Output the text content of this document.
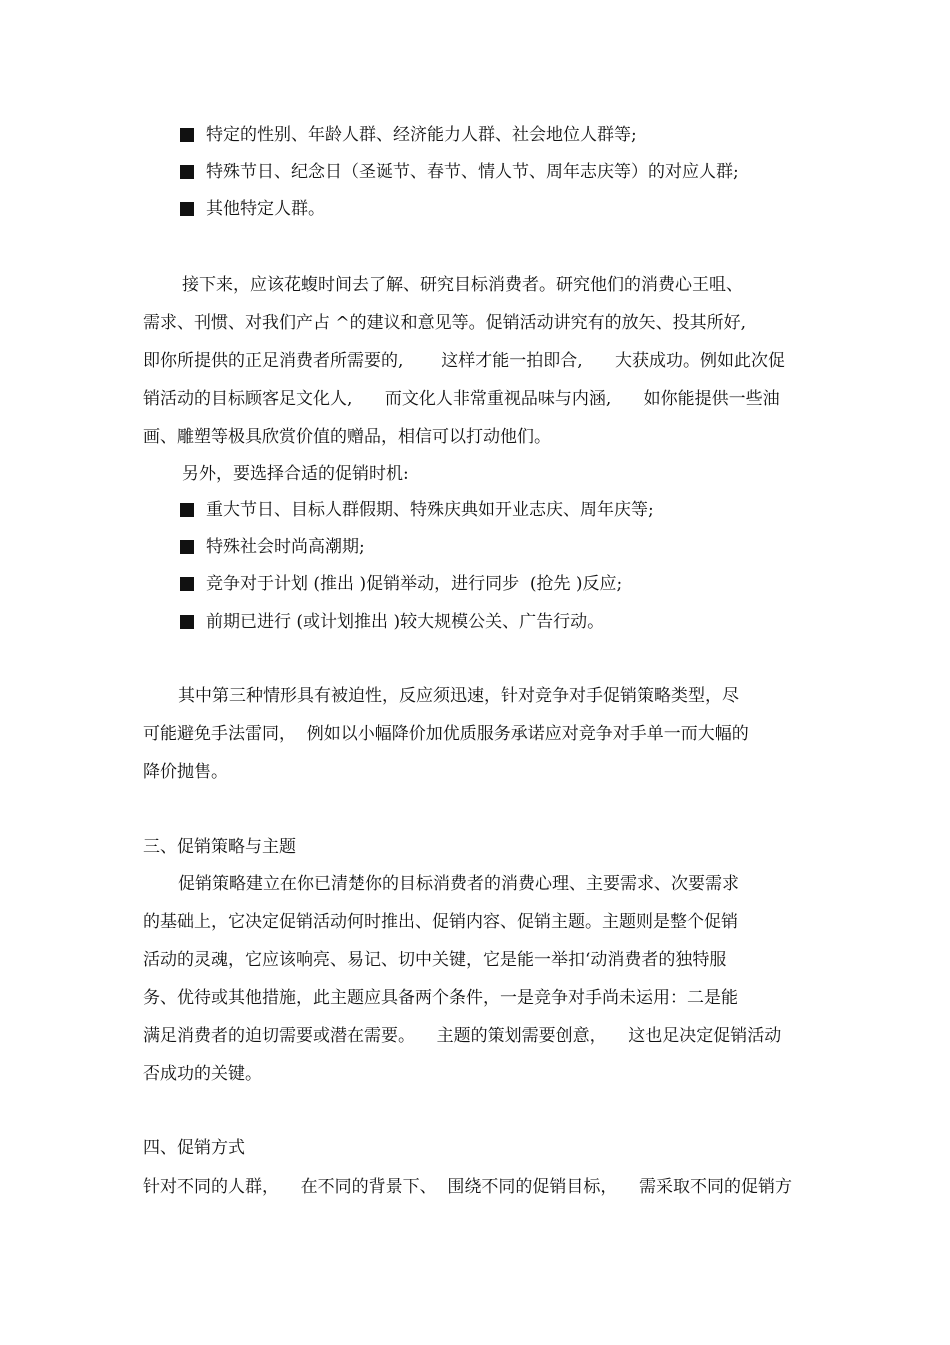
特定的性别、年龄人群、经济能力人群、社会地位人群等;
特殊节日、纪念日（圣诞节、春节、情人节、周年志庆等）的对应人群;
其他特定人群。
接下来，应该花蝮时间去了解、研究目标消费者。研究他们的消费心王咀、
需求、刊惯、对我们产占 ^的建议和意见等。促销活动讲究有的放矢、投其所好,
即你所提供的正足消费者所需要的,       这样才能一拍即合,      大获成功。例如此次促
销活动的目标顾客足文化人,      而文化人非常重视品味与内涵,      如你能提供一些油
画、雕塑等极具欣赏价值的赠品，相信可以打动他们。
另外，要选择合适的促销时机:
重大节日、目标人群假期、特殊庆典如开业志庆、周年庆等;
特殊社会时尚高潮期;
竞争对于计划 (推出 )促销举动，进行同步  (抢先 )反应;
前期已进行 (或计划推出 )较大规模公关、广告行动。
其中第三种情形具有被迫性，反应须迅速，针对竞争对手促销策略类型，尽
可能避免手法雷同，  例如以小幅降价加优质服务承诺应对竞争对手单一而大幅的
降价抛售。
三、促销策略与主题
促销策略建立在你已清楚你的目标消费者的消费心理、主要需求、次要需求
的基础上，它决定促销活动何时推出、促销内容、促销主题。主题则是整个促销
活动的灵魂，它应该响亮、易记、切中关键，它是能一举扣‘动消费者的独特服
务、优待或其他措施，此主题应具备两个条件，一是竞争对手尚未运用：二是能
满足消费者的迫切需要或潜在需要。    主题的策划需要创意，    这也足决定促销活动
否成功的关键。
四、促销方式
针对不同的人群，    在不同的背景下、  围绕不同的促销目标，    需采取不同的促销方
